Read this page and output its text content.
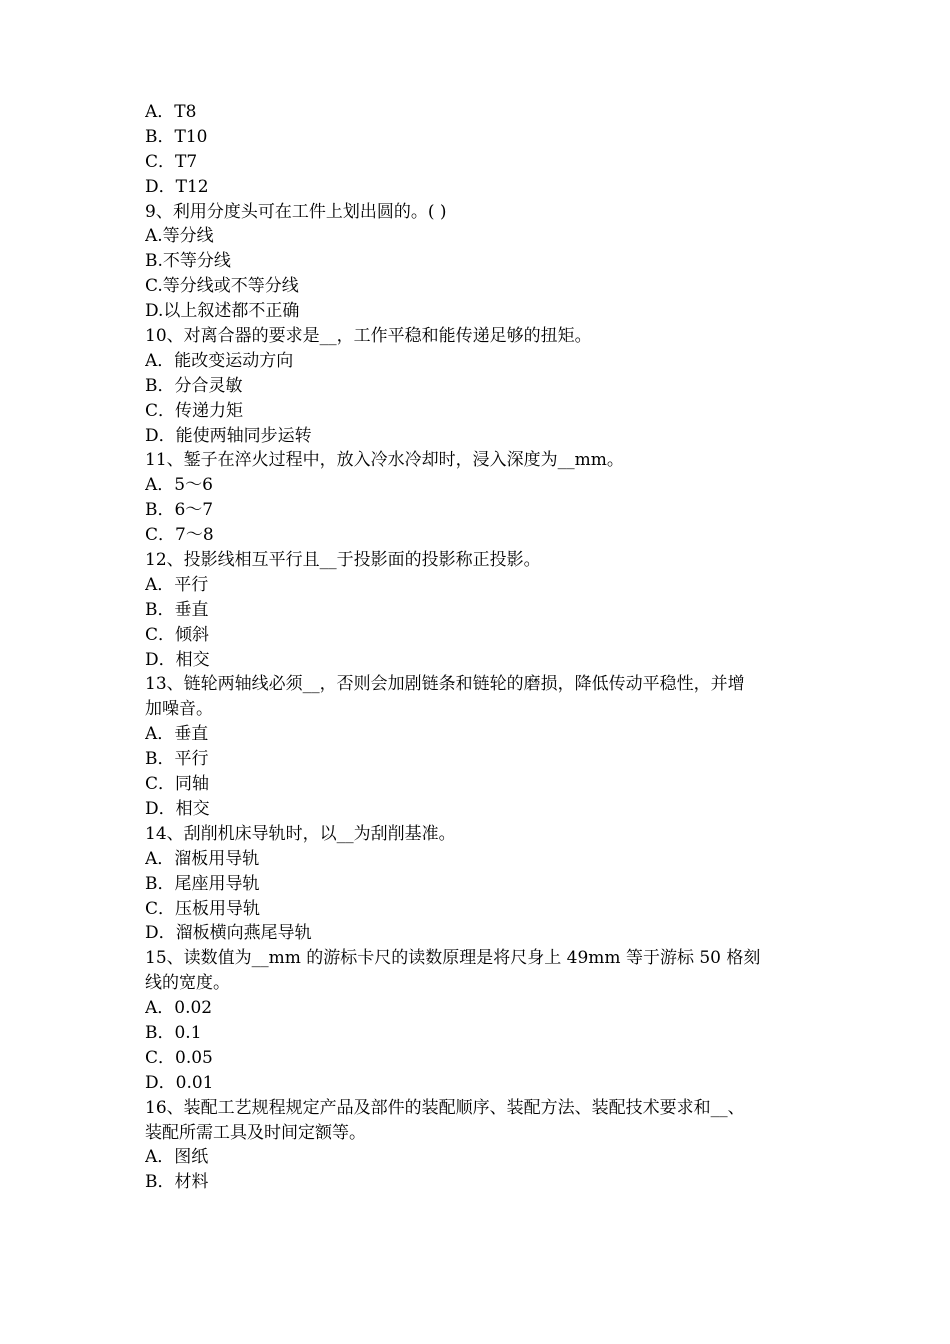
A．T8
B．T10
C．T7
D．T12
9、利用分度头可在工件上划出圆的。( )
A.等分线
B.不等分线
C.等分线或不等分线
D.以上叙述都不正确
10、对离合器的要求是__，工作平稳和能传递足够的扭矩。
A．能改变运动方向
B．分合灵敏
C．传递力矩
D．能使两轴同步运转
11、錾子在淬火过程中，放入冷水冷却时，浸入深度为__mm。
A．5～6
B．6～7
C．7～8
12、投影线相互平行且__于投影面的投影称正投影。
A．平行
B．垂直
C．倾斜
D．相交
13、链轮两轴线必须__，否则会加剧链条和链轮的磨损，降低传动平稳性，并增
加噪音。
A．垂直
B．平行
C．同轴
D．相交
14、刮削机床导轨时，以__为刮削基准。
A．溜板用导轨
B．尾座用导轨
C．压板用导轨
D．溜板横向燕尾导轨
15、读数值为__mm 的游标卡尺的读数原理是将尺身上 49mm 等于游标 50 格刻
线的宽度。
A．0.02
B．0.1
C．0.05
D．0.01
16、装配工艺规程规定产品及部件的装配顺序、装配方法、装配技术要求和__、
装配所需工具及时间定额等。
A．图纸
B．材料
